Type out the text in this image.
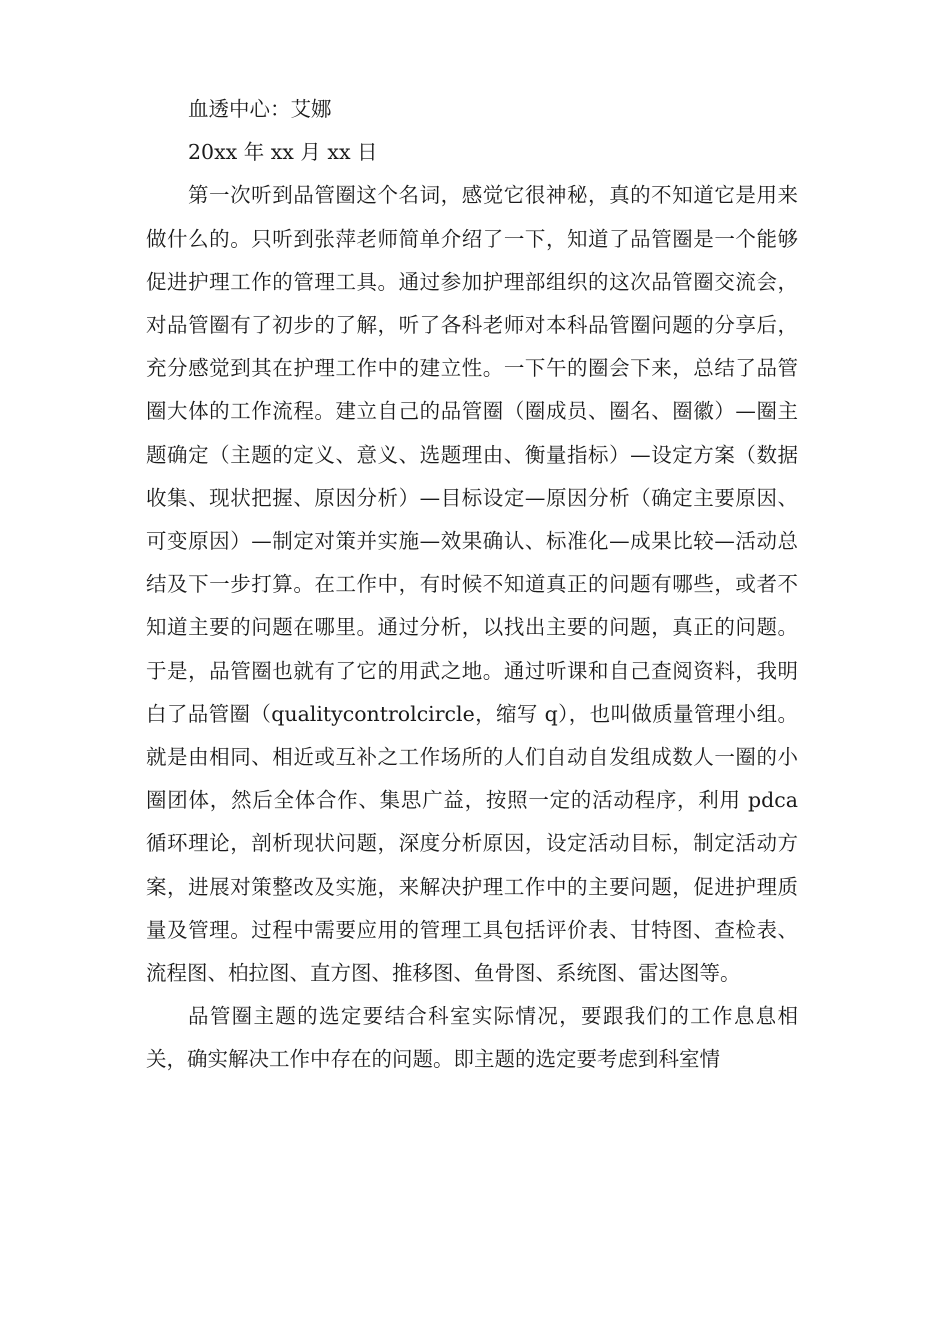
血透中心：艾娜

20xx 年 xx 月 xx 日

第一次听到品管圈这个名词，感觉它很神秘，真的不知道它是用来做什么的。只听到张萍老师简单介绍了一下，知道了品管圈是一个能够促进护理工作的管理工具。通过参加护理部组织的这次品管圈交流会，对品管圈有了初步的了解，听了各科老师对本科品管圈问题的分享后，充分感觉到其在护理工作中的建立性。一下午的圈会下来，总结了品管圈大体的工作流程。建立自己的品管圈（圈成员、圈名、圈徽）—圈主题确定（主题的定义、意义、选题理由、衡量指标）—设定方案（数据收集、现状把握、原因分析）—目标设定—原因分析（确定主要原因、可变原因）—制定对策并实施—效果确认、标准化—成果比较—活动总结及下一步打算。在工作中，有时候不知道真正的问题有哪些，或者不知道主要的问题在哪里。通过分析，以找出主要的问题，真正的问题。于是，品管圈也就有了它的用武之地。通过听课和自己查阅资料，我明白了品管圈（qualitycontrolcircle，缩写 q），也叫做质量管理小组。就是由相同、相近或互补之工作场所的人们自动自发组成数人一圈的小圈团体，然后全体合作、集思广益，按照一定的活动程序，利用 pdca 循环理论，剖析现状问题，深度分析原因，设定活动目标，制定活动方案，进展对策整改及实施，来解决护理工作中的主要问题，促进护理质量及管理。过程中需要应用的管理工具包括评价表、甘特图、查检表、流程图、柏拉图、直方图、推移图、鱼骨图、系统图、雷达图等。

品管圈主题的选定要结合科室实际情况，要跟我们的工作息息相关，确实解决工作中存在的问题。即主题的选定要考虑到科室情
